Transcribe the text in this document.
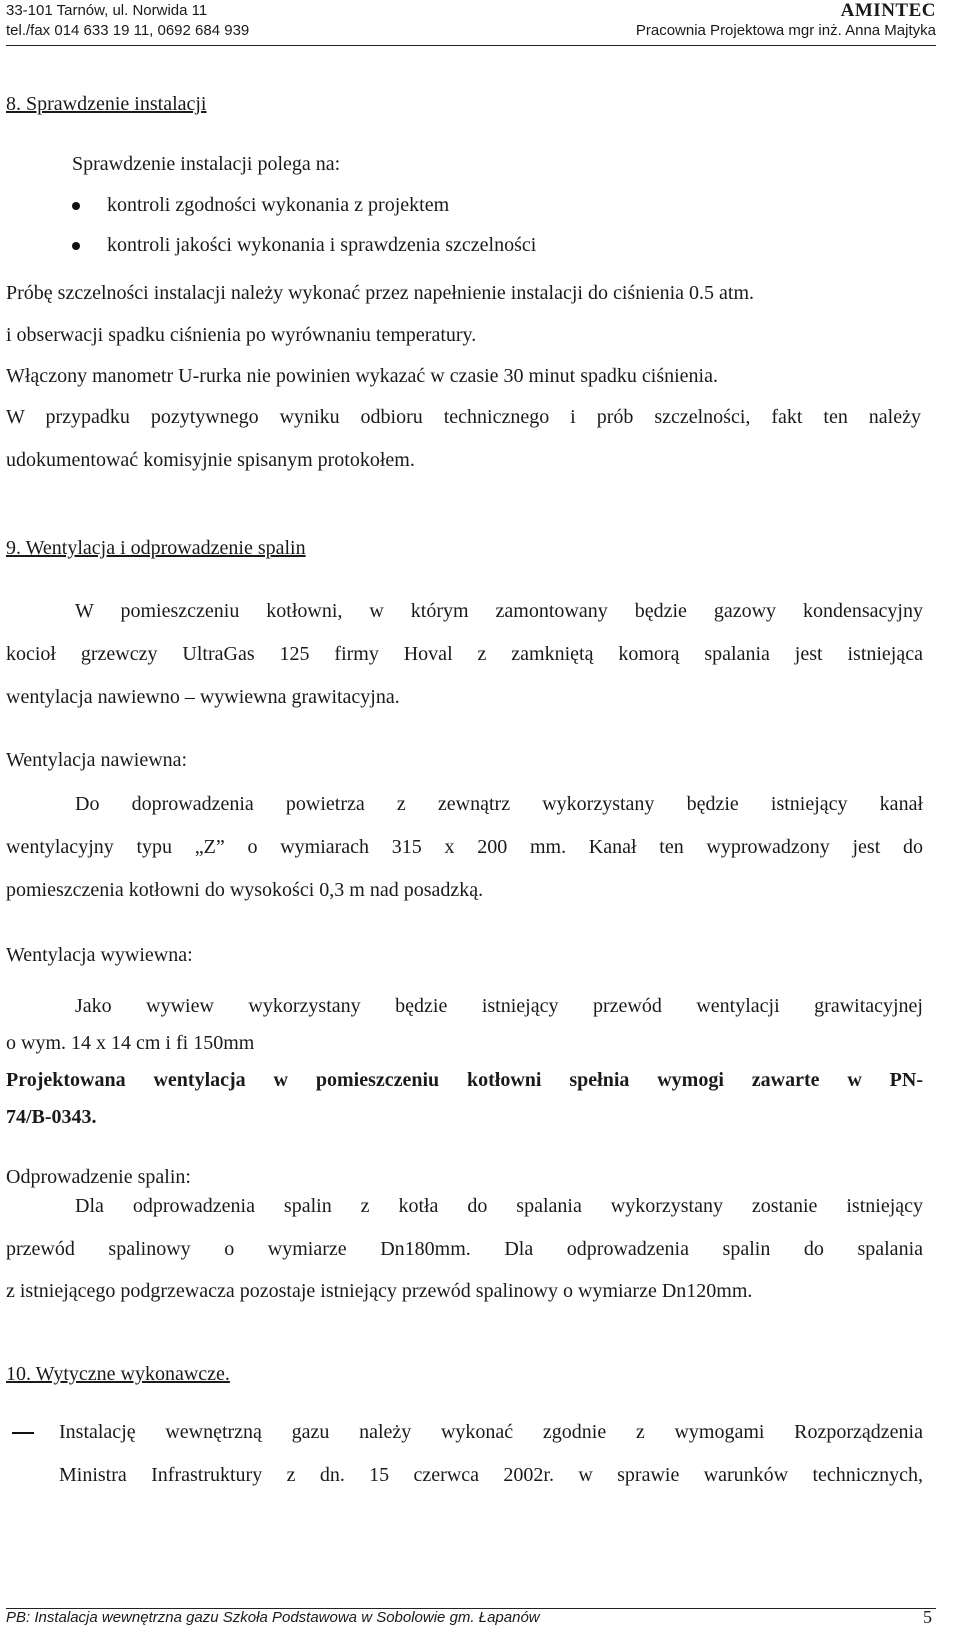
33-101 Tarnów, ul. Norwida 11
tel./fax 014 633 19 11, 0692 684 939
AMINTEC
Pracownia Projektowa mgr inż. Anna Majtyka
8. Sprawdzenie instalacji
Sprawdzenie instalacji polega na:
kontroli zgodności wykonania z projektem
kontroli jakości wykonania i sprawdzenia szczelności
Próbę szczelności instalacji należy wykonać przez napełnienie instalacji do ciśnienia 0.5 atm.
i obserwacji spadku ciśnienia po wyrównaniu temperatury.
Włączony manometr U-rurka nie powinien wykazać w czasie 30 minut spadku ciśnienia.
W przypadku pozytywnego wyniku odbioru technicznego i prób szczelności, fakt ten należy
udokumentować komisyjnie spisanym protokołem.
9. Wentylacja i odprowadzenie spalin
W pomieszczeniu kotłowni, w którym zamontowany będzie gazowy kondensacyjny
kocioł grzewczy UltraGas 125 firmy Hoval z zamkniętą komorą spalania jest istniejąca
wentylacja nawiewno – wywiewna grawitacyjna.
Wentylacja nawiewna:
Do doprowadzenia powietrza z zewnątrz wykorzystany będzie istniejący kanał
wentylacyjny typu „Z” o wymiarach 315 x 200 mm. Kanał ten wyprowadzony jest do
pomieszczenia kotłowni do wysokości 0,3 m nad posadzką.
Wentylacja wywiewna:
Jako wywiew wykorzystany będzie istniejący przewód wentylacji grawitacyjnej
o wym. 14 x 14 cm i fi 150mm
Projektowana wentylacja w pomieszczeniu kotłowni spełnia wymogi zawarte w PN-
74/B-0343.
Odprowadzenie spalin:
Dla odprowadzenia spalin z kotła do spalania wykorzystany zostanie istniejący
przewód spalinowy o wymiarze Dn180mm. Dla odprowadzenia spalin do spalania
z istniejącego podgrzewacza pozostaje istniejący przewód spalinowy o wymiarze Dn120mm.
10. Wytyczne wykonawcze.
Instalację wewnętrzną gazu należy wykonać zgodnie z wymogami Rozporządzenia
Ministra Infrastruktury z dn. 15 czerwca 2002r. w sprawie warunków technicznych,
PB: Instalacja wewnętrzna gazu Szkoła Podstawowa w Sobolowie gm. Łapanów	5
